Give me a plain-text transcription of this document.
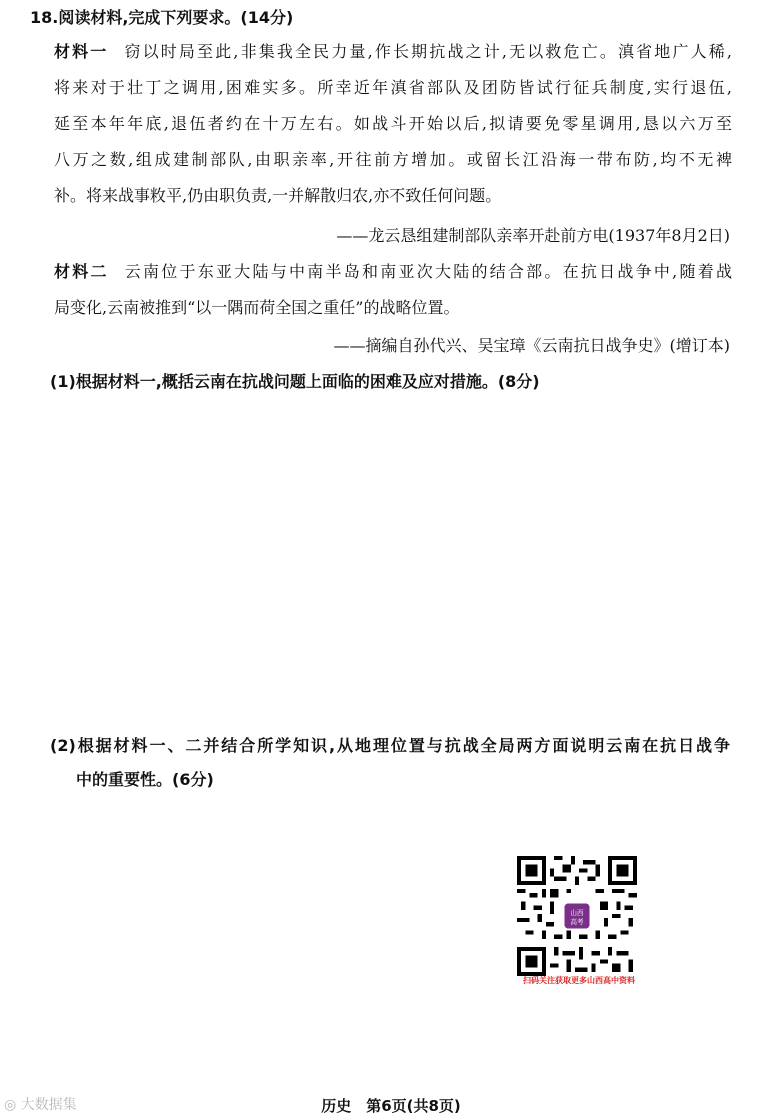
18.阅读材料,完成下列要求。(14分)
材料一 窃以时局至此,非集我全民力量,作长期抗战之计,无以救危亡。滇省地广人稀,
将来对于壮丁之调用,困难实多。所幸近年滇省部队及团防皆试行征兵制度,实行退伍,
延至本年年底,退伍者约在十万左右。如战斗开始以后,拟请要免零星调用,恳以六万至
八万之数,组成建制部队,由职亲率,开往前方增加。或留长江沿海一带布防,均不无裨
补。将来战事敉平,仍由职负责,一并解散归农,亦不致任何问题。
——龙云恳组建制部队亲率开赴前方电(1937年8月2日)
材料二 云南位于东亚大陆与中南半岛和南亚次大陆的结合部。在抗日战争中,随着战
局变化,云南被推到“以一隅而荷全国之重任”的战略位置。
——摘编自孙代兴、吴宝璋《云南抗日战争史》(增订本)
(1)根据材料一,概括云南在抗战问题上面临的困难及应对措施。(8分)
(2)根据材料一、二并结合所学知识,从地理位置与抗战全局两方面说明云南在抗日战争
中的重要性。(6分)
山西
高考
扫码关注获取更多山西高中资料
历史　第6页(共8页)
◎ 大数据集
